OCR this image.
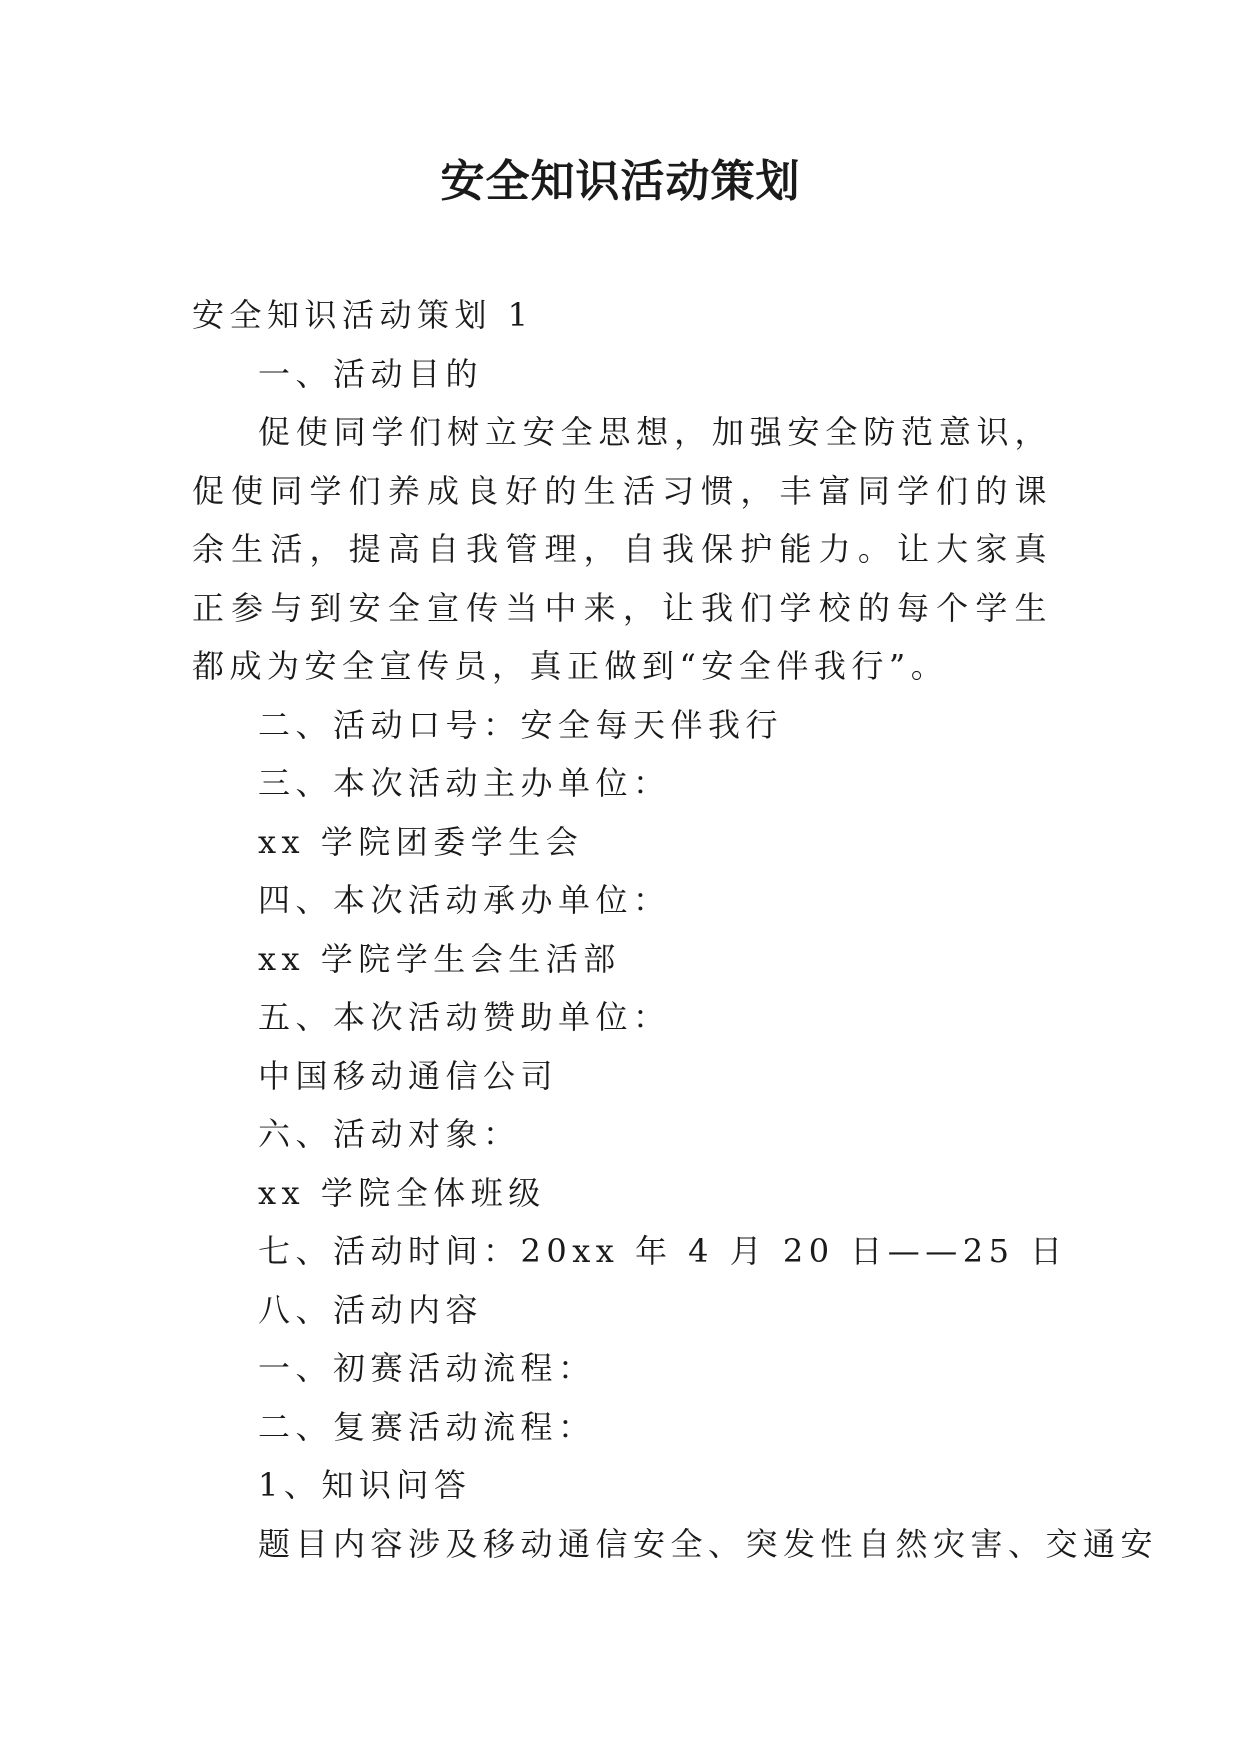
安全知识活动策划
安全知识活动策划 1
一、活动目的
促使同学们树立安全思想，加强安全防范意识，促使同学们养成良好的生活习惯，丰富同学们的课余生活，提高自我管理，自我保护能力。让大家真正参与到安全宣传当中来，让我们学校的每个学生都成为安全宣传员，真正做到“安全伴我行”。
二、活动口号：安全每天伴我行
三、本次活动主办单位：
xx 学院团委学生会
四、本次活动承办单位：
xx 学院学生会生活部
五、本次活动赞助单位：
中国移动通信公司
六、活动对象：
xx 学院全体班级
七、活动时间：20xx 年 4 月 20 日——25 日
八、活动内容
一、初赛活动流程：
二、复赛活动流程：
1、知识问答
题目内容涉及移动通信安全、突发性自然灾害、交通安
